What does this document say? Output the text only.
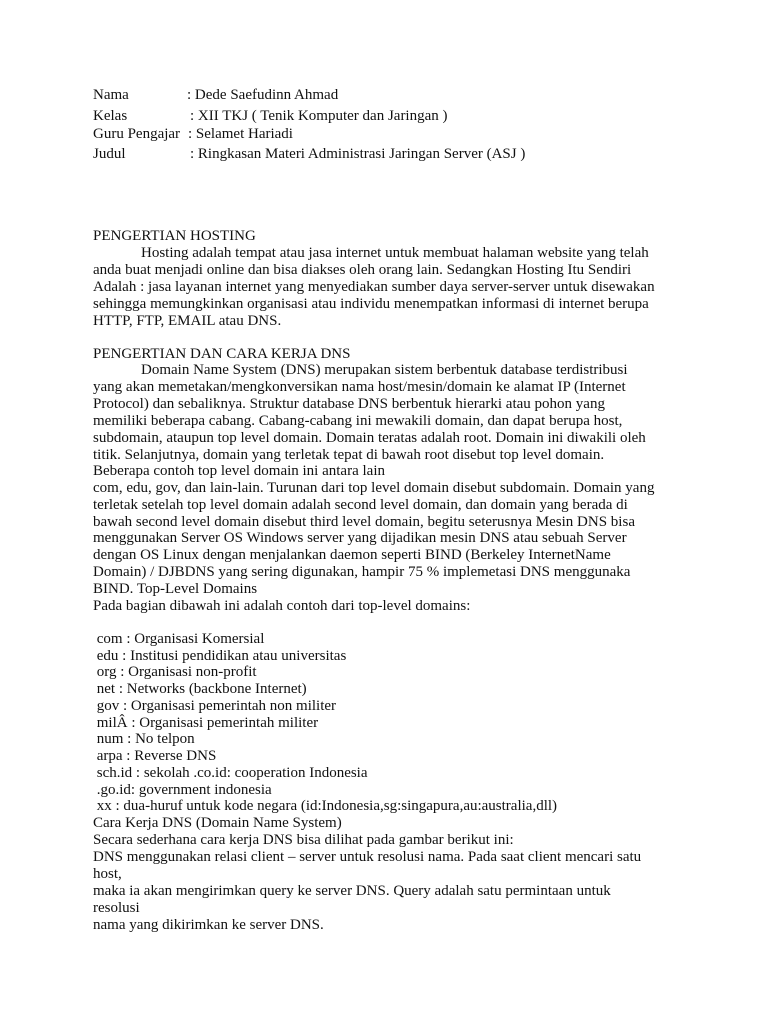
Nama	: Dede Saefudinn Ahmad
Kelas	: XII TKJ ( Tenik Komputer dan Jaringan )
Guru Pengajar : Selamet Hariadi
Judul	: Ringkasan Materi Administrasi Jaringan Server (ASJ )
PENGERTIAN HOSTING
Hosting adalah tempat atau jasa internet untuk membuat halaman website yang telah
anda buat menjadi online dan bisa diakses oleh orang lain. Sedangkan Hosting Itu Sendiri
Adalah : jasa layanan internet yang menyediakan sumber daya server-server untuk disewakan
sehingga memungkinkan organisasi atau individu menempatkan informasi di internet berupa
HTTP, FTP, EMAIL atau DNS.
PENGERTIAN DAN CARA KERJA DNS
Domain Name System (DNS) merupakan sistem berbentuk database terdistribusi
yang akan memetakan/mengkonversikan nama host/mesin/domain ke alamat IP (Internet
Protocol) dan sebaliknya. Struktur database DNS berbentuk hierarki atau pohon yang
memiliki beberapa cabang. Cabang-cabang ini mewakili domain, dan dapat berupa host,
subdomain, ataupun top level domain. Domain teratas adalah root. Domain ini diwakili oleh
titik. Selanjutnya, domain yang terletak tepat di bawah root disebut top level domain.
Beberapa contoh top level domain ini antara lain
com, edu, gov, dan lain-lain. Turunan dari top level domain disebut subdomain. Domain yang
terletak setelah top level domain adalah second level domain, dan domain yang berada di
bawah second level domain disebut third level domain, begitu seterusnya Mesin DNS bisa
menggunakan Server OS Windows server yang dijadikan mesin DNS atau sebuah Server
dengan OS Linux dengan menjalankan daemon seperti BIND (Berkeley InternetName
Domain) / DJBDNS yang sering digunakan, hampir 75 % implemetasi DNS menggunaka
BIND. Top-Level Domains
Pada bagian dibawah ini adalah contoh dari top-level domains:
com : Organisasi Komersial
edu : Institusi pendidikan atau universitas
org : Organisasi non-profit
net : Networks (backbone Internet)
gov : Organisasi pemerintah non militer
milÂ : Organisasi pemerintah militer
num : No telpon
arpa : Reverse DNS
sch.id : sekolah .co.id: cooperation Indonesia
.go.id: government indonesia
xx : dua-huruf untuk kode negara (id:Indonesia,sg:singapura,au:australia,dll)
Cara Kerja DNS (Domain Name System)
Secara sederhana cara kerja DNS bisa dilihat pada gambar berikut ini:
DNS menggunakan relasi client – server untuk resolusi nama. Pada saat client mencari satu
host,
maka ia akan mengirimkan query ke server DNS. Query adalah satu permintaan untuk
resolusi
nama yang dikirimkan ke server DNS.
